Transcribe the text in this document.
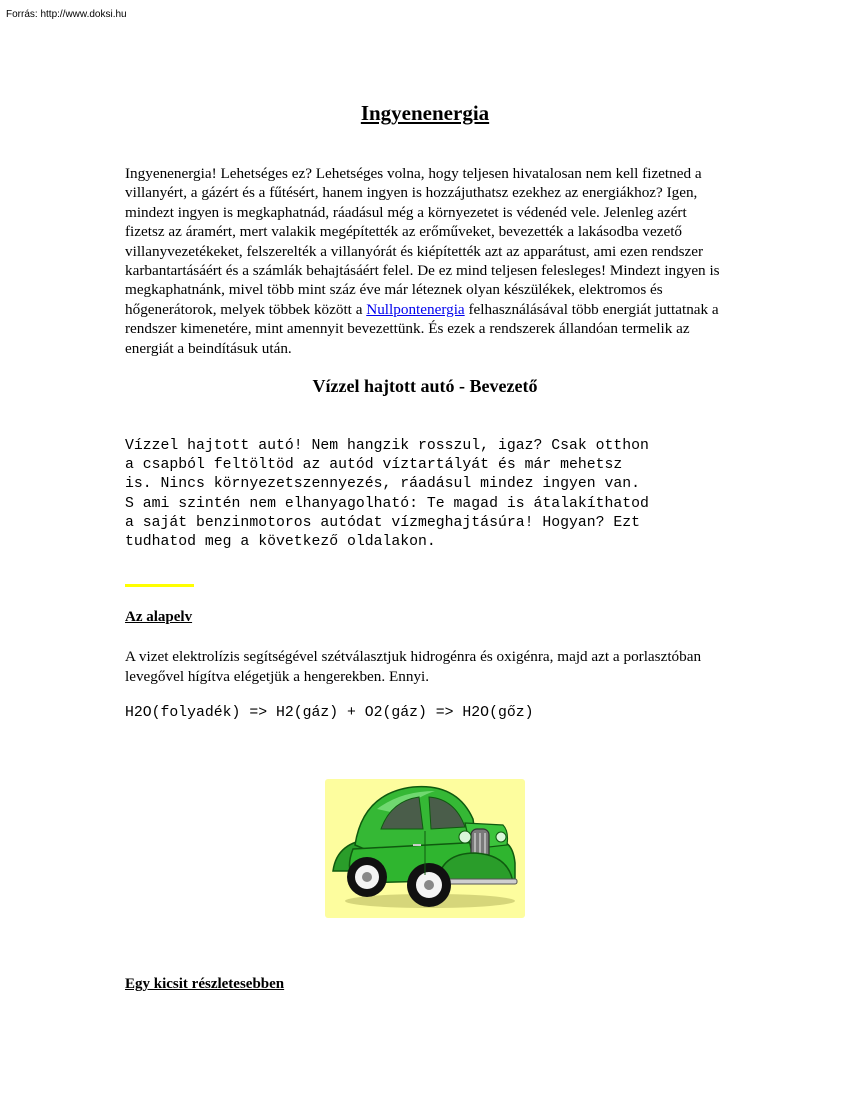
Forrás: http://www.doksi.hu
Ingyenenergia

Ingyenenergia! Lehetséges ez? Lehetséges volna, hogy teljesen hivatalosan nem kell fizetned a villanyért, a gázért és a fűtésért, hanem ingyen is hozzájuthatsz ezekhez az energiákhoz? Igen, mindezt ingyen is megkaphatnád, ráadásul még a környezetet is védenéd vele. Jelenleg azért fizetsz az áramért, mert valakik megépítették az erőműveket, bevezették a lakásodba vezető villanyvezetékeket, felszerelték a villanyórát és kiépítették azt az apparátust, ami ezen rendszer karbantartásáért és a számlák behajtásáért felel. De ez mind teljesen felesleges! Mindezt ingyen is megkaphatnánk, mivel több mint száz éve már léteznek olyan készülékek, elektromos és hőgenerátorok, melyek többek között a Nullpontenergia felhasználásával több energiát juttatnak a rendszer kimenetére, mint amennyit bevezettünk. És ezek a rendszerek állandóan termelik az energiát a beindításuk után.

Vízzel hajtott autó - Bevezető
Vízzel hajtott autó! Nem hangzik rosszul, igaz? Csak otthon
a csapból feltöltöd az autód víztartályát és már mehetsz
is. Nincs környezetszennyezés, ráadásul mindez ingyen van.
S ami szintén nem elhanyagolható: Te magad is átalakíthatod
a saját benzinmotoros autódat vízmeghajtásúra! Hogyan? Ezt
tudhatod meg a következő oldalakon.
Az alapelv

A vizet elektrolízis segítségével szétválasztjuk hidrogénra és oxigénra, majd azt a porlasztóban levegővel hígítva elégetjük a hengerekben. Ennyi.

H2O(folyadék) => H2(gáz) + O2(gáz) => H2O(gőz)
Egy kicsit részletesebben
